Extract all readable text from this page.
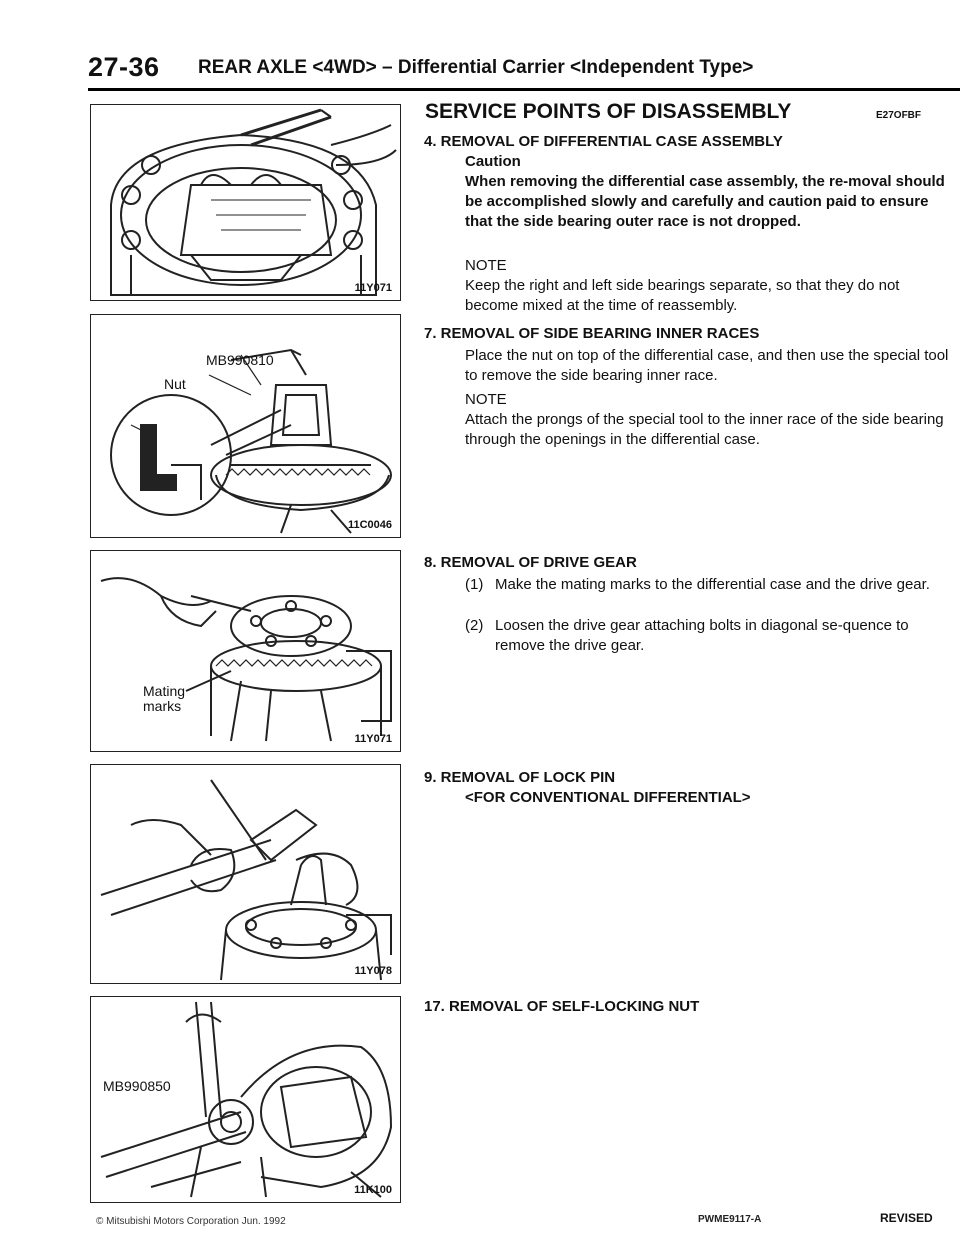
27-36 REAR AXLE <4WD> – Differential Carrier <Independent Type>
11Y071
MB990810
Nut
11C0046
Mating marks
11Y071
11Y078
MB990850
11K100
SERVICE POINTS OF DISASSEMBLY	E27OFBF
4. REMOVAL OF DIFFERENTIAL CASE ASSEMBLY
Caution
When removing the differential case assembly, the re-moval should be accomplished slowly and carefully and caution paid to ensure that the side bearing outer race is not dropped.
NOTE
Keep the right and left side bearings separate, so that they do not become mixed at the time of reassembly.
7. REMOVAL OF SIDE BEARING INNER RACES
Place the nut on top of the differential case, and then use the special tool to remove the side bearing inner race.
NOTE
Attach the prongs of the special tool to the inner race of the side bearing through the openings in the differential case.
8. REMOVAL OF DRIVE GEAR
(1) Make the mating marks to the differential case and the drive gear.
(2) Loosen the drive gear attaching bolts in diagonal se-quence to remove the drive gear.
9. REMOVAL OF LOCK PIN
<FOR CONVENTIONAL DIFFERENTIAL>
17. REMOVAL OF SELF-LOCKING NUT
© Mitsubishi Motors Corporation Jun. 1992	PWME9117-A	REVISED
